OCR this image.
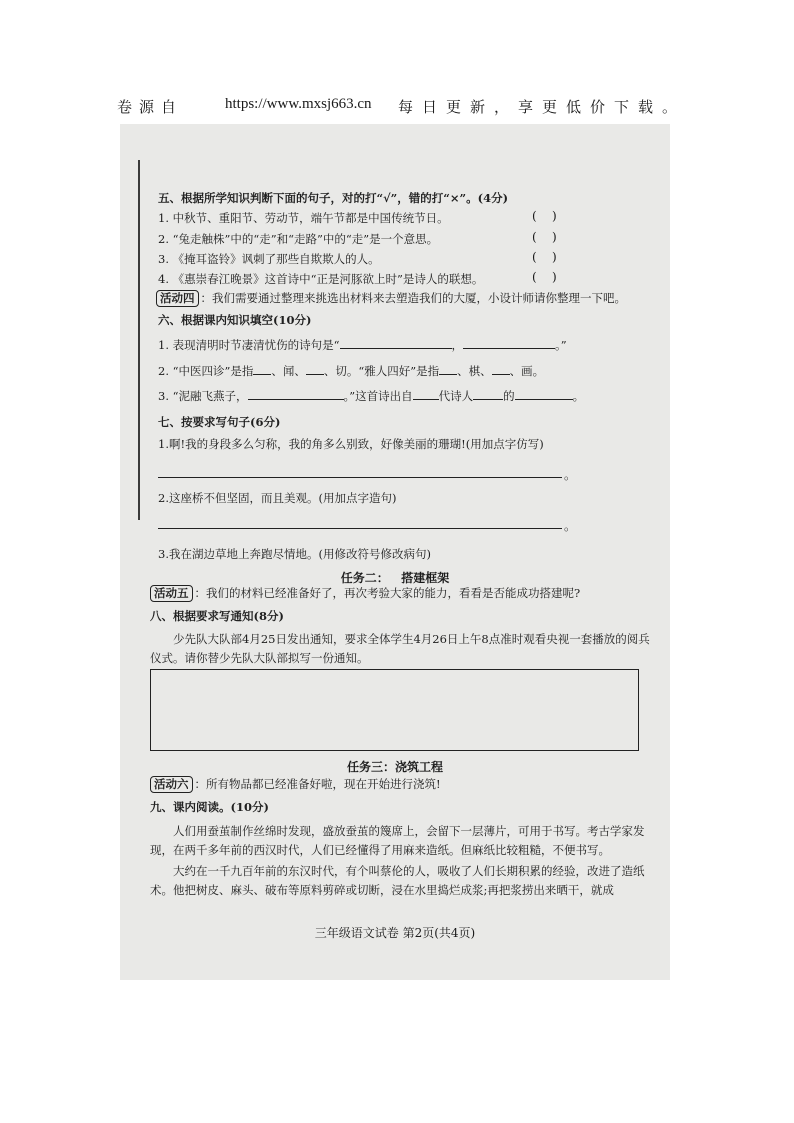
卷源自	https://www.mxsj663.cn 每日更新，享更低价下载。
五、根据所学知识判断下面的句子，对的打“√”，错的打“×”。(4分)
1. 中秋节、重阳节、劳动节，端午节都是中国传统节日。	(    )
2. “兔走触株”中的“走”和“走路”中的“走”是一个意思。	(    )
3. 《掩耳盗铃》讽刺了那些自欺欺人的人。	(    )
4. 《惠崇春江晚景》这首诗中“正是河豚欲上时”是诗人的联想。	(    )
活动四 ：我们需要通过整理来挑选出材料来去塑造我们的大厦，小设计师请你整理一下吧。
六、根据课内知识填空(10分)
1. 表现清明时节凄清忧伤的诗句是“	，	。”
2. “中医四诊”是指 、闻、 、切。“雅人四好”是指 、棋、 、画。
3. “泥融飞燕子，	。”这首诗出自 代诗人	的	。
七、按要求写句子(6分)
1.啊!我的身段多么匀称，我的角多么别致，好像美丽的珊瑚!(用加点字仿写)
。
2.这座桥不但坚固，而且美观。(用加点字造句)
。
3.我在湖边草地上奔跑尽情地。(用修改符号修改病句)
任务二： 搭建框架
活动五 ：我们的材料已经准备好了，再次考验大家的能力，看看是否能成功搭建呢?
八、根据要求写通知(8分)
少先队大队部4月25日发出通知，要求全体学生4月26日上午8点准时观看央视一套播放的阅兵仪式。请你替少先队大队部拟写一份通知。
任务三：浇筑工程
活动六 ：所有物品都已经准备好啦，现在开始进行浇筑!
九、课内阅读。(10分)
人们用蚕茧制作丝绵时发现，盛放蚕茧的篾席上，会留下一层薄片，可用于书写。考古学家发现，在两千多年前的西汉时代，人们已经懂得了用麻来造纸。但麻纸比较粗糙，不便书写。
大约在一千九百年前的东汉时代，有个叫蔡伦的人，吸收了人们长期积累的经验，改进了造纸术。他把树皮、麻头、破布等原料剪碎或切断，浸在水里捣烂成浆;再把浆捞出来晒干，就成
三年级语文试卷 第2页(共4页)
